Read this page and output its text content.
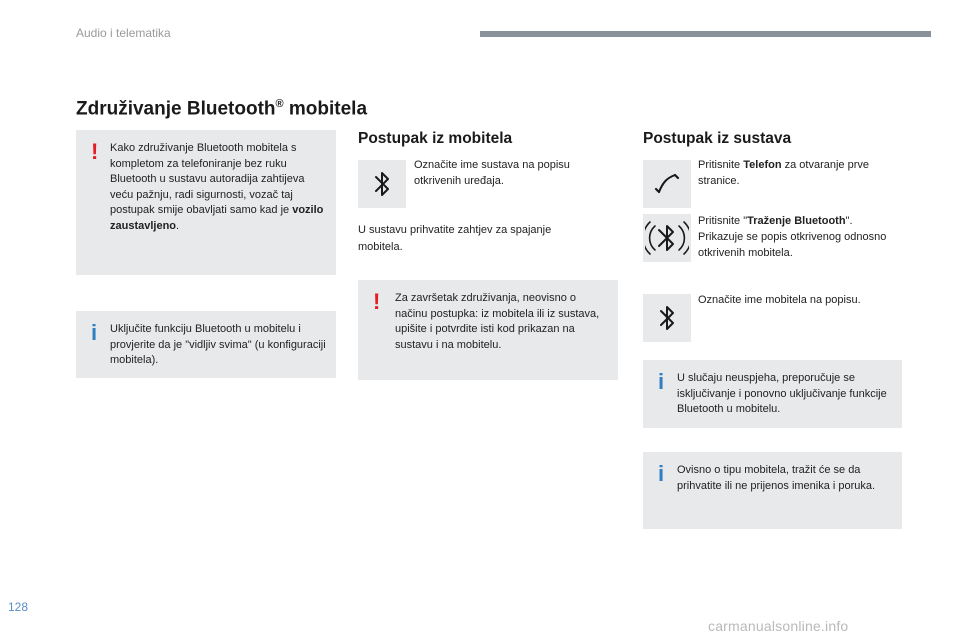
Audio i telematika
Združivanje Bluetooth® mobitela
! Kako združivanje Bluetooth mobitela s kompletom za telefoniranje bez ruku Bluetooth u sustavu autoradija zahtijeva veću pažnju, radi sigurnosti, vozač taj postupak smije obavljati samo kad je vozilo zaustavljeno.
i Uključite funkciju Bluetooth u mobitelu i provjerite da je "vidljiv svima" (u konfiguraciji mobitela).
Postupak iz mobitela
Označite ime sustava na popisu otkrivenih uređaja.
U sustavu prihvatite zahtjev za spajanje mobitela.
! Za završetak združivanja, neovisno o načinu postupka: iz mobitela ili iz sustava, upišite i potvrdite isti kod prikazan na sustavu i na mobitelu.
Postupak iz sustava
Pritisnite Telefon za otvaranje prve stranice.
Pritisnite "Traženje Bluetooth". Prikazuje se popis otkrivenog odnosno otkrivenih mobitela.
Označite ime mobitela na popisu.
i U slučaju neuspjeha, preporučuje se isključivanje i ponovno uključivanje funkcije Bluetooth u mobitelu.
i Ovisno o tipu mobitela, tražit će se da prihvatite ili ne prijenos imenika i poruka.
128
carmanualsonline.info
